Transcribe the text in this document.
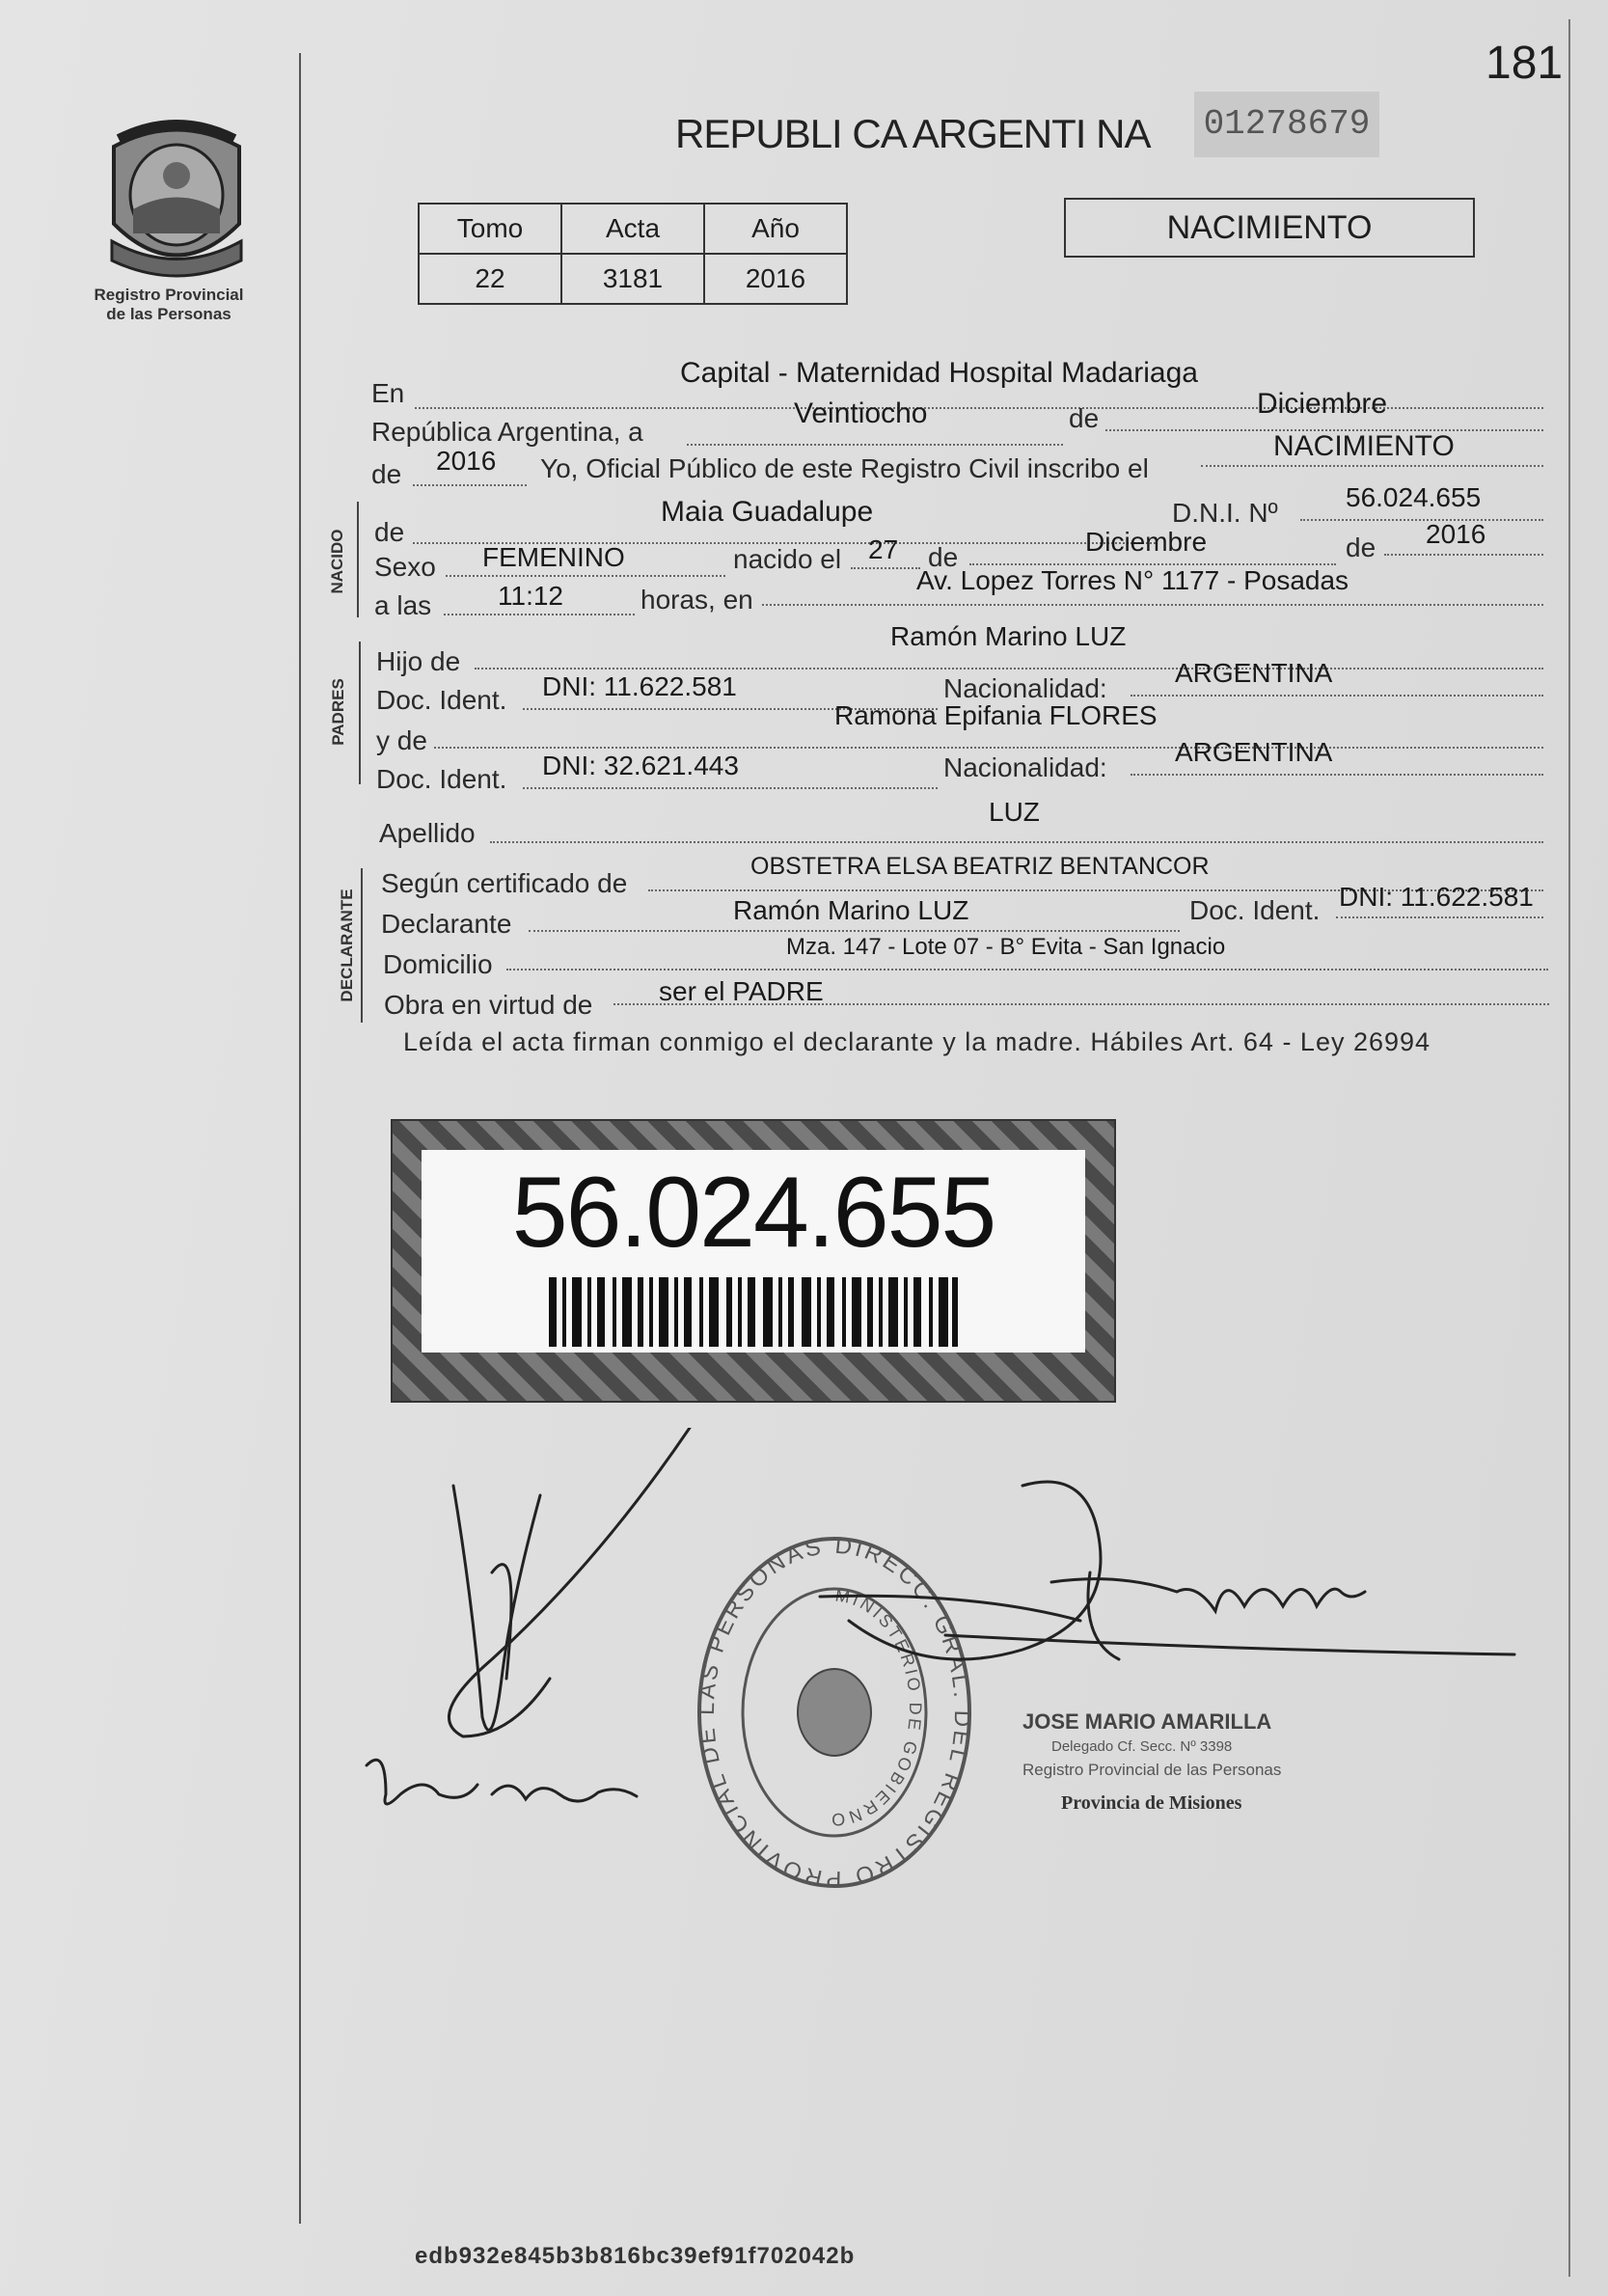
181
Registro Provincial
de las Personas
REPUBLI CA ARGENTI NA 01278679
Tomo	Acta	Año
22	3181	2016
NACIMIENTO
En
Capital - Maternidad Hospital Madariaga
República Argentina, a
Veintiocho	de	Diciembre
de 2016 Yo, Oficial Público de este Registro Civil inscribo el
NACIMIENTO
NACIDO de
Maia Guadalupe	D.N.I. Nº
56.024.655
Sexo FEMENINO	nacido el 27 de
Diciembre	de 2016
a las 11:12	horas, en
Av. Lopez Torres N° 1177 - Posadas
PADRES
Hijo de
Ramón Marino LUZ
Doc. Ident. DNI: 11.622.581	Nacionalidad:
ARGENTINA
y de
Ramona Epifania FLORES
Doc. Ident. DNI: 32.621.443	Nacionalidad:
ARGENTINA
Apellido
LUZ
DECLARANTE
Según certificado de
OBSTETRA ELSA BEATRIZ BENTANCOR
Declarante	Ramón Marino LUZ	Doc. Ident. DNI: 11.622.581
Domicilio
Mza. 147 - Lote 07 - B° Evita - San Ignacio
Obra en virtud de ser el PADRE
Leída el acta firman conmigo el declarante y la madre. Hábiles Art. 64 - Ley 26994
56.024.655
DIRECC. GRAL. DEL REGISTRO PROVINCIAL DE LAS PERSONAS
MINISTERIO DE GOBIERNO
JOSE MARIO AMARILLA
Delegado Cf. Secc. Nº 3398
Registro Provincial de las Personas
Provincia de Misiones
edb932e845b3b816bc39ef91f702042b
